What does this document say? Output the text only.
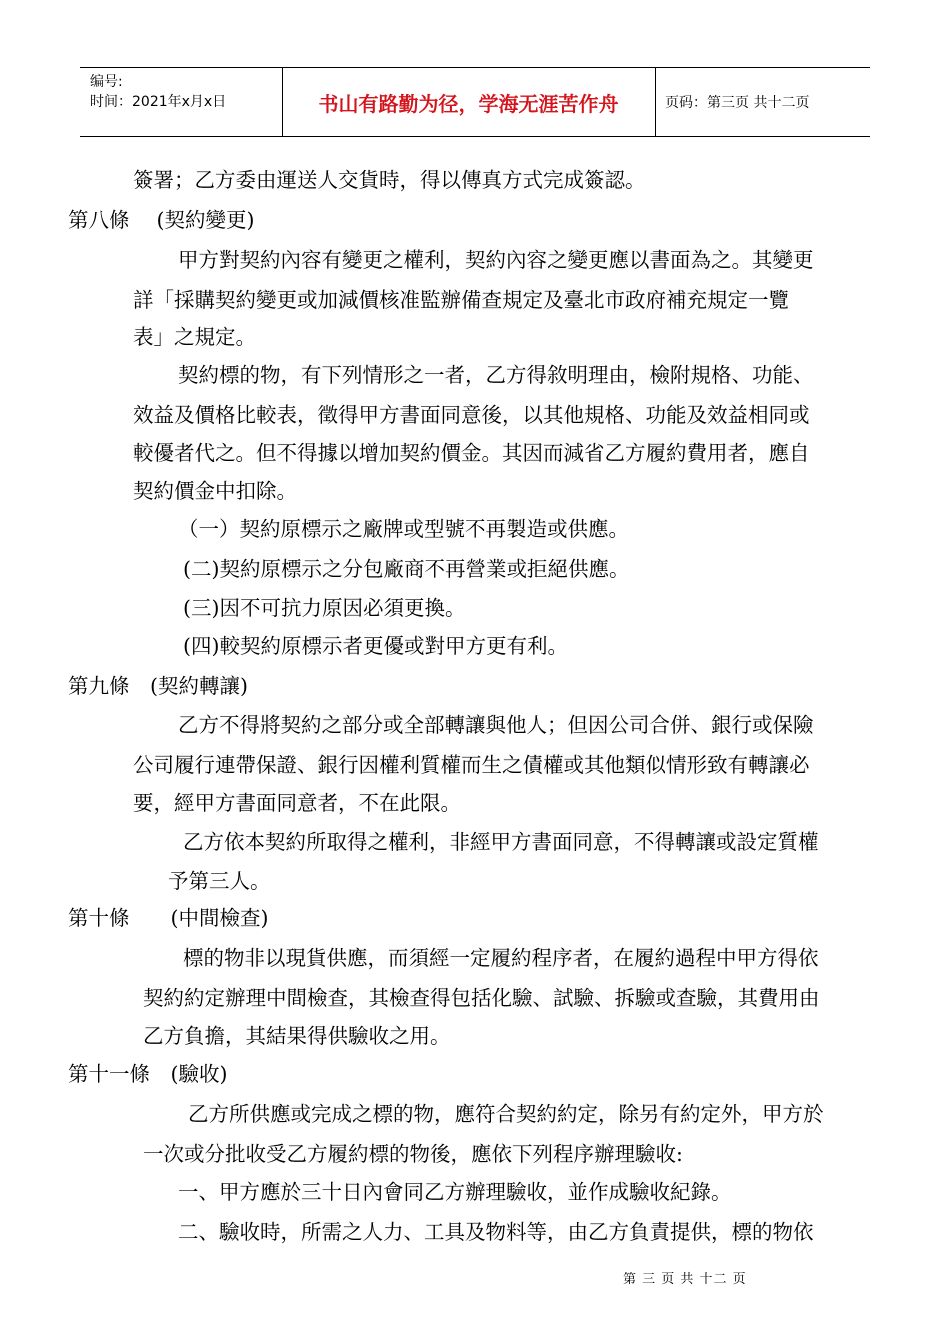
编号:
时间：2021年x月x日	书山有路勤为径，学海无涯苦作舟	页码：第三页 共十二页
簽署；乙方委由運送人交貨時，得以傳真方式完成簽認。
第八條　 (契約變更)
甲方對契約內容有變更之權利，契約內容之變更應以書面為之。其變更
詳「採購契約變更或加減價核准監辦備查規定及臺北市政府補充規定一覽
表」之規定。
契約標的物，有下列情形之一者，乙方得敘明理由，檢附規格、功能、
效益及價格比較表，徵得甲方書面同意後，以其他規格、功能及效益相同或
較優者代之。但不得據以增加契約價金。其因而減省乙方履約費用者，應自
契約價金中扣除。
（一）契約原標示之廠牌或型號不再製造或供應。
(二)契約原標示之分包廠商不再營業或拒絕供應。
(三)因不可抗力原因必須更換。
(四)較契約原標示者更優或對甲方更有利。
第九條　(契約轉讓)
乙方不得將契約之部分或全部轉讓與他人；但因公司合併、銀行或保險
公司履行連帶保證、銀行因權利質權而生之債權或其他類似情形致有轉讓必
要，經甲方書面同意者，不在此限。
乙方依本契約所取得之權利，非經甲方書面同意，不得轉讓或設定質權
予第三人。
第十條　　(中間檢查)
標的物非以現貨供應，而須經一定履約程序者，在履約過程中甲方得依
契約約定辦理中間檢查，其檢查得包括化驗、試驗、拆驗或查驗，其費用由
乙方負擔，其結果得供驗收之用。
第十一條　(驗收)
乙方所供應或完成之標的物，應符合契約約定，除另有約定外，甲方於
一次或分批收受乙方履約標的物後，應依下列程序辦理驗收:
一、甲方應於三十日內會同乙方辦理驗收，並作成驗收紀錄。
二、驗收時，所需之人力、工具及物料等，由乙方負責提供，標的物依
第 三 页 共 十二 页
